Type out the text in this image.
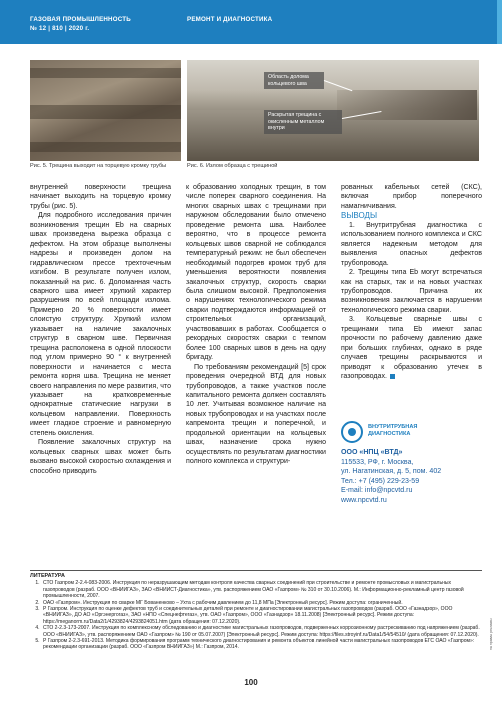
ГАЗОВАЯ ПРОМЫШЛЕННОСТЬ
№ 12 | 810 | 2020 г.
РЕМОНТ И ДИАГНОСТИКА
Область долома кольцевого шва
Раскрытая трещина с окисленным металлом внутри
Рис. 5. Трещина выходит на торцевую кромку трубы	Рис. 6. Излом образца с трещиной

внутренней поверхности трещина начинает выходить на торцевую кромку трубы (рис. 5).

Для подробного исследования причин возникновения трещин Eb на сварных швах произведена вырезка образца с дефектом. На этом образце выполнены надрезы и произведен долом на гидравлическом прессе трехточечным изгибом. В результате получен излом, показанный на рис. 6. Доломанная часть сварного шва имеет хрупкий характер разрушения по всей площади излома. Примерно 20 % поверхности имеет слоистую структуру. Хрупкий излом указывает на наличие закалочных структур в сварном шве. Первичная трещина расположена в одной плоскости под углом примерно 90 ° к внутренней поверхности и начинается с места ремонта корня шва. Трещина не меняет своего направления по мере развития, что указывает на кратковременные однократные статические нагрузки в кольцевом направлении. Поверхность имеет гладкое строение и равномерную степень окисления.

Появление закалочных структур на кольцевых сварных швах может быть вызвано высокой скоростью охлаждения и способно приводить

к образованию холодных трещин, в том числе поперек сварного соединения. На многих сварных швах с трещинами при наружном обследовании было отмечено проведение ремонта шва. Наиболее вероятно, что в процессе ремонта кольцевых швов сварной не соблюдался температурный режим: не был обеспечен необходимый подогрев кромок труб для уменьшения вероятности появления закалочных структур, скорость сварки была слишком высокой. Предположения о нарушениях технологического режима сварки подтверждаются информацией от строительных организаций, участвовавших в работах. Сообщается о рекордных скоростях сварки с темпом более 100 сварных швов в день на одну бригаду.

По требованиям рекомендаций [5] срок проведения очередной ВТД для новых трубопроводов, а также участков после капитального ремонта должен составлять 10 лет. Учитывая возможное наличие на новых трубопроводах и на участках после капремонта трещин и поперечной, и продольной ориентации на кольцевых швах, назначение срока нужно осуществлять по результатам диагностики полного комплекса и структури-

рованных кабельных сетей (СКС), включая прибор поперечного намагничивания.

ВЫВОДЫ

1. Внутритрубная диагностика с использованием полного комплекса и СКС является надежным методом для выявления опасных дефектов трубопровода.

2. Трещины типа Eb могут встречаться как на старых, так и на новых участках трубопроводов. Причина их возникновения заключается в нарушении технологического режима сварки.

3. Кольцевые сварные швы с трещинами типа Eb имеют запас прочности по рабочему давлению даже при больших глубинах, однако в ряде случаев трещины раскрываются и приводят к образованию утечек в газопроводах.

ВНУТРИТРУБНАЯ ДИАГНОСТИКА
ООО «НПЦ «ВТД»
115533, РФ, г. Москва,
ул. Нагатинская, д. 5, пом. 402
Тел.: +7 (495) 229-23-59
E-mail: info@npcvtd.ru
www.npcvtd.ru
ЛИТЕРАТУРА
1. СТО Газпром 2-2.4-083-2006. Инструкция по неразрушающим методам контроля качества сварных соединений при строительстве и ремонте промысловых и магистральных газопроводов (разраб. ООО «ВНИИГАЗ», ЗАО «ВНИИСТ-Диагностика», утв. распоряжением ОАО «Газпром» № 310 от 30.10.2006). М.: Информационно-рекламный центр газовой промышленности, 2007.
2. ОАО «Газпром». Инструкция по сварке МГ Бованенково – Ухта с рабочим давлением до 11,8 МПа [Электронный ресурс]. Режим доступа: ограниченный.
3. Р Газпром. Инструкция по оценке дефектов труб и соединительных деталей при ремонте и диагностировании магистральных газопроводов (разраб. ООО «Газнадзор», ООО «ВНИИГАЗ», ДО АО «Оргэнергогаз», ЗАО «НПО «Спецнефтегаз», утв. ОАО «Газпром», ООО «Газнадзор» 18.11.2008) [Электронный ресурс]. Режим доступа: https://meganorm.ru/Data2/1/4293824/4293824051.htm (дата обращения: 07.12.2020).
4. СТО 2-2.3-173-2007. Инструкция по комплексному обследованию и диагностике магистральных газопроводов, подверженных коррозионному растрескиванию под напряжением (разраб. ООО «ВНИИГАЗ», утв. распоряжением ОАО «Газпром» № 190 от 05.07.2007) [Электронный ресурс]. Режим доступа: https://files.stroyinf.ru/Data1/54/54510/ (дата обращения: 07.12.2020).
5. Р Газпром 2-2.3-691-2013. Методика формирования программ технического диагностирования и ремонта объектов линейной части магистральных газопроводов ЕГС ОАО «Газпром»: рекомендации организации (разраб. ООО «Газпром ВНИИГАЗ») М.: Газпром, 2014.	на правах рекламы
100
